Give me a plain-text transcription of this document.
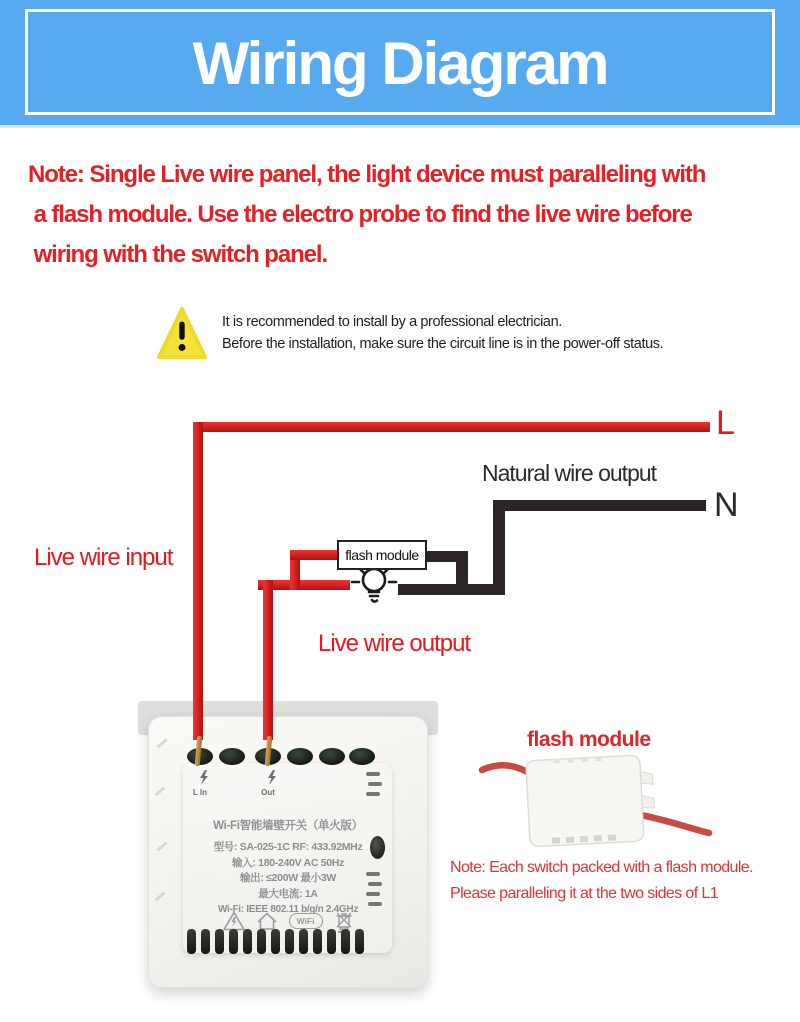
Wiring Diagram
Note: Single Live wire panel, the light device must paralleling with
a flash module. Use the electro probe to find the live wire before
wiring with the switch panel.
It is recommended to install by a professional electrician.
Before the installation, make sure the circuit line is in the power-off status.
L
N
Natural wire output
Live wire input
Live wire output
flash module
L In	Out
Wi-Fi智能墙壁开关（单火版）
型号: SA-025-1C RF: 433.92MHz
输入: 180-240V AC 50Hz
输出: ≤200W 最小3W
最大电流: 1A
Wi-Fi: IEEE 802.11 b/g/n 2.4GHz
WiFi
flash module
Note: Each switch packed with a flash module.
Please paralleling it at the two sides of L1
